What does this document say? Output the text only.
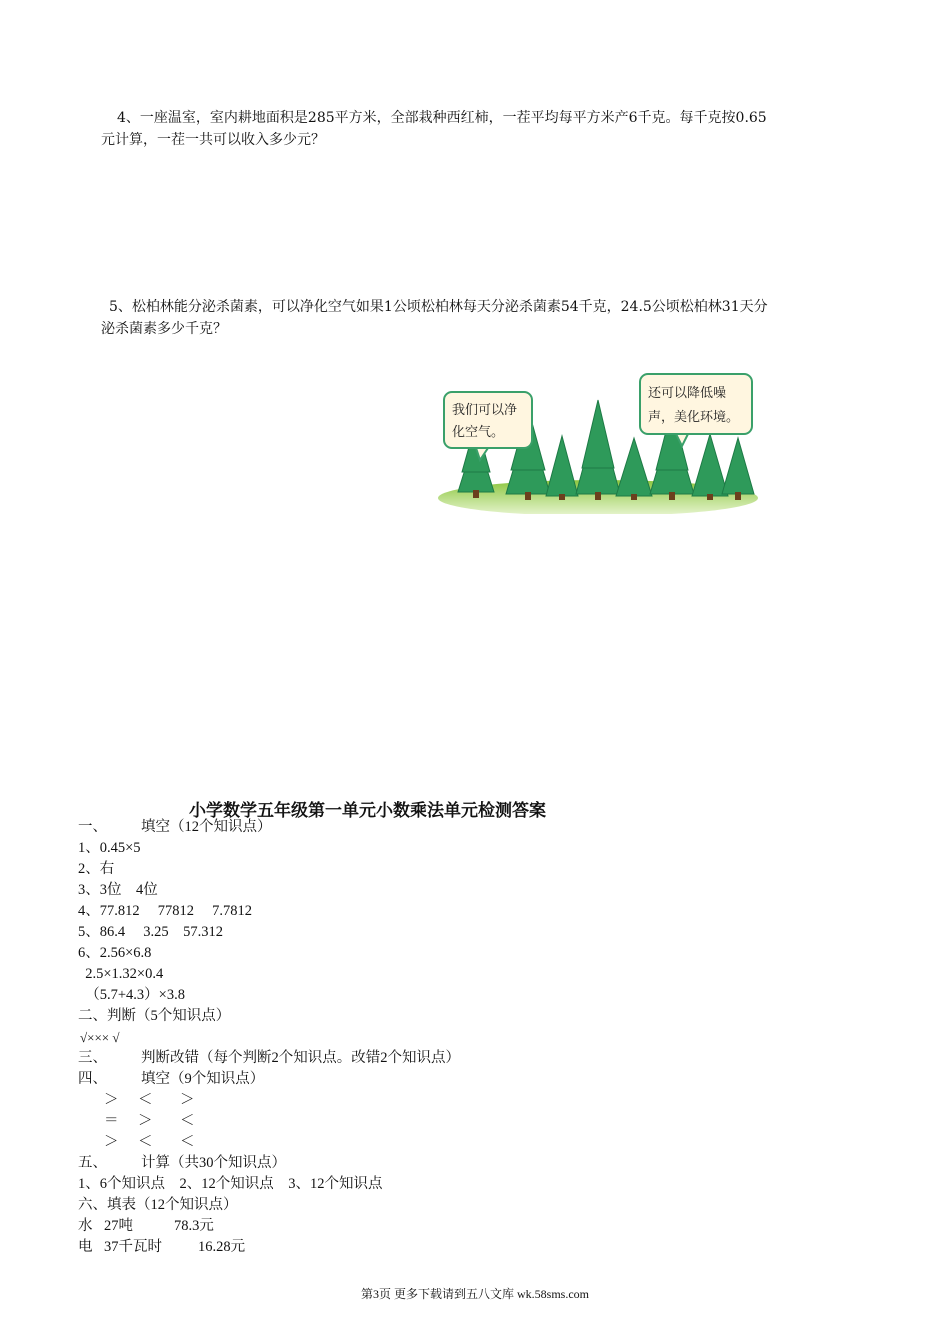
4、一座温室，室内耕地面积是285平方米，全部栽种西红柿，一茬平均每平方米产6千克。每千克按0.65
元计算，一茬一共可以收入多少元？
5、松柏林能分泌杀菌素，可以净化空气如果1公顷松柏林每天分泌杀菌素54千克，24.5公顷松柏林31天分
泌杀菌素多少千克？
我们可以净
化空气。
还可以降低噪
声，美化环境。
小学数学五年级第一单元小数乘法单元检测答案
一、 填空（12个知识点）
1、0.45×5
2、右
3、3位　4位
4、77.812　 77812　 7.7812
5、86.4　 3.25　57.312
6、2.56×6.8
2.5×1.32×0.4
（5.7+4.3）×3.8
二、判断（5个知识点）
√××× √
三、 判断改错（每个判断2个知识点。改错2个知识点）
四、 填空（9个知识点）
＞ ＜ ＞
＝ ＞ ＜
＞ ＜ ＜
五、 计算（共30个知识点）
1、6个知识点　2、12个知识点　3、12个知识点
六、填表（12个知识点）
水 27吨	78.3元
电 37千瓦时 16.28元
第3页 更多下载请到五八文库 wk.58sms.com
